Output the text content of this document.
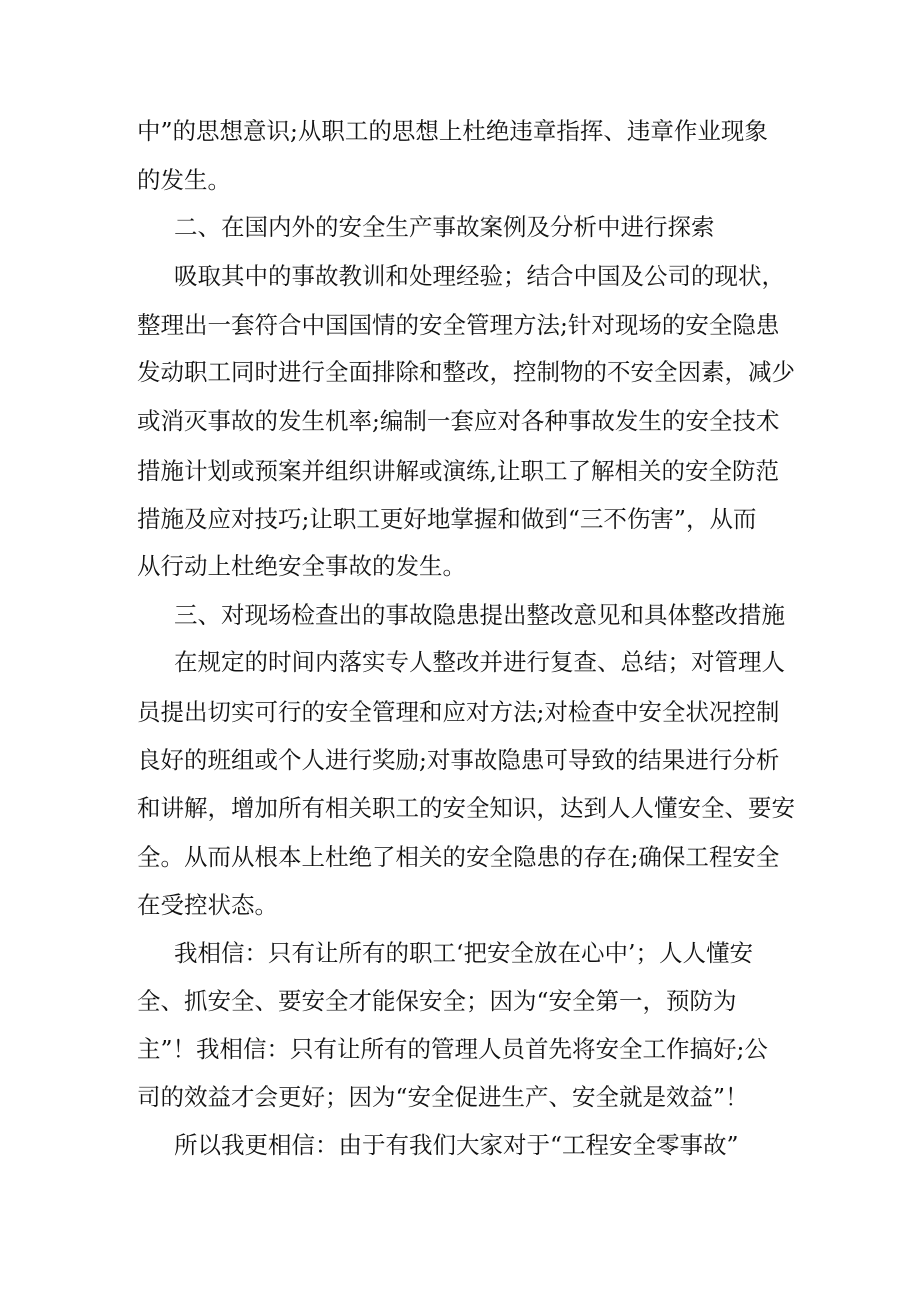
中”的思想意识;从职工的思想上杜绝违章指挥、违章作业现象
的发生。
二、在国内外的安全生产事故案例及分析中进行探索
吸取其中的事故教训和处理经验；结合中国及公司的现状，
整理出一套符合中国国情的安全管理方法;针对现场的安全隐患
发动职工同时进行全面排除和整改，控制物的不安全因素，减少
或消灭事故的发生机率;编制一套应对各种事故发生的安全技术
措施计划或预案并组织讲解或演练,让职工了解相关的安全防范
措施及应对技巧;让职工更好地掌握和做到“三不伤害”，从而
从行动上杜绝安全事故的发生。
三、对现场检查出的事故隐患提出整改意见和具体整改措施
在规定的时间内落实专人整改并进行复查、总结；对管理人
员提出切实可行的安全管理和应对方法;对检查中安全状况控制
良好的班组或个人进行奖励;对事故隐患可导致的结果进行分析
和讲解，增加所有相关职工的安全知识，达到人人懂安全、要安
全。从而从根本上杜绝了相关的安全隐患的存在;确保工程安全
在受控状态。
我相信：只有让所有的职工‘把安全放在心中’；人人懂安
全、抓安全、要安全才能保安全；因为“安全第一，预防为
主”！我相信：只有让所有的管理人员首先将安全工作搞好;公
司的效益才会更好；因为“安全促进生产、安全就是效益”！
所以我更相信：由于有我们大家对于“工程安全零事故”
